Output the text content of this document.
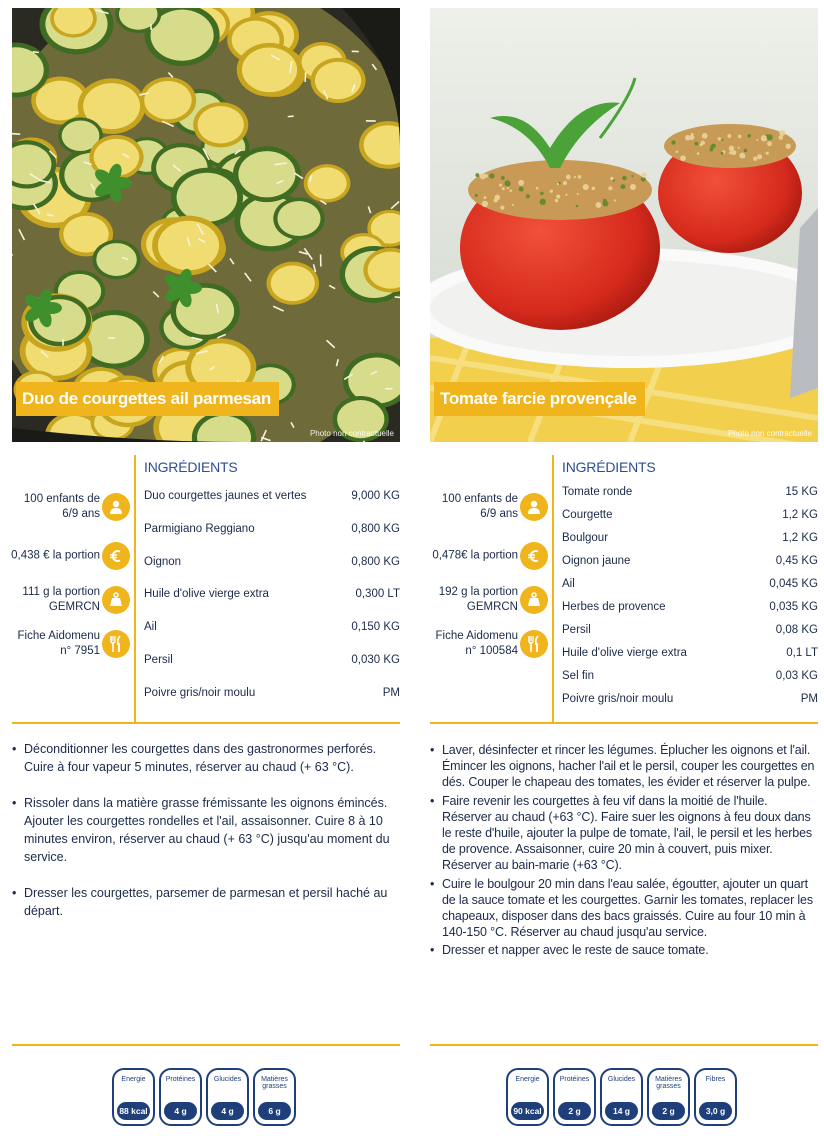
Duo de courgettes ail parmesan
Photo non contractuelle
INGRÉDIENTS
100 enfants de 6/9 ans
0,438 € la portion
111 g la portion GEMRCN
Fiche Aidomenu n° 7951
Duo courgettes jaunes et vertes	9,000 KG
Parmigiano Reggiano	0,800 KG
Oignon	0,800 KG
Huile d'olive vierge extra	0,300 LT
Ail	0,150 KG
Persil	0,030 KG
Poivre gris/noir moulu	PM
• Déconditionner les courgettes dans des gastronormes perforés. Cuire à four vapeur 5 minutes, réserver au chaud (+ 63 °C).
• Rissoler dans la matière grasse frémissante les oignons émincés. Ajouter les courgettes rondelles et l'ail, assaisonner. Cuire 8 à 10 minutes environ, réserver au chaud (+ 63 °C) jusqu'au moment du service.
• Dresser les courgettes, parsemer de parmesan et persil haché au départ.
Energie
88 kcal
Protéines
4 g
Glucides
4 g
Matières grasses
6 g
Tomate farcie provençale
Photo non contractuelle
INGRÉDIENTS
100 enfants de 6/9 ans
0,478€ la portion
192 g la portion GEMRCN
Fiche Aidomenu n° 100584
Tomate ronde	15 KG
Courgette	1,2 KG
Boulgour	1,2 KG
Oignon jaune	0,45 KG
Ail	0,045 KG
Herbes de provence	0,035 KG
Persil	0,08 KG
Huile d'olive vierge extra	0,1 LT
Sel fin	0,03 KG
Poivre gris/noir moulu	PM
• Laver, désinfecter et rincer les légumes. Éplucher les oignons et l'ail. Émincer les oignons, hacher l'ail et le persil, couper les courgettes en dés. Couper le chapeau des tomates, les évider et réserver la pulpe.
• Faire revenir les courgettes à feu vif dans la moitié de l'huile. Réserver au chaud (+63 °C). Faire suer les oignons à feu doux dans le reste d'huile, ajouter la pulpe de tomate, l'ail, le persil et les herbes de provence. Assaisonner, cuire 20 min à couvert, puis mixer. Réserver au bain-marie (+63 °C).
• Cuire le boulgour 20 min dans l'eau salée, égoutter, ajouter un quart de la sauce tomate et les courgettes. Garnir les tomates, replacer les chapeaux, disposer dans des bacs graissés. Cuire au four 10 min à 140-150 °C. Réserver au chaud jusqu'au service.
• Dresser et napper avec le reste de sauce tomate.
Energie
90 kcal
Protéines
2 g
Glucides
14 g
Matières grasses
2 g
Fibres
3,0 g
